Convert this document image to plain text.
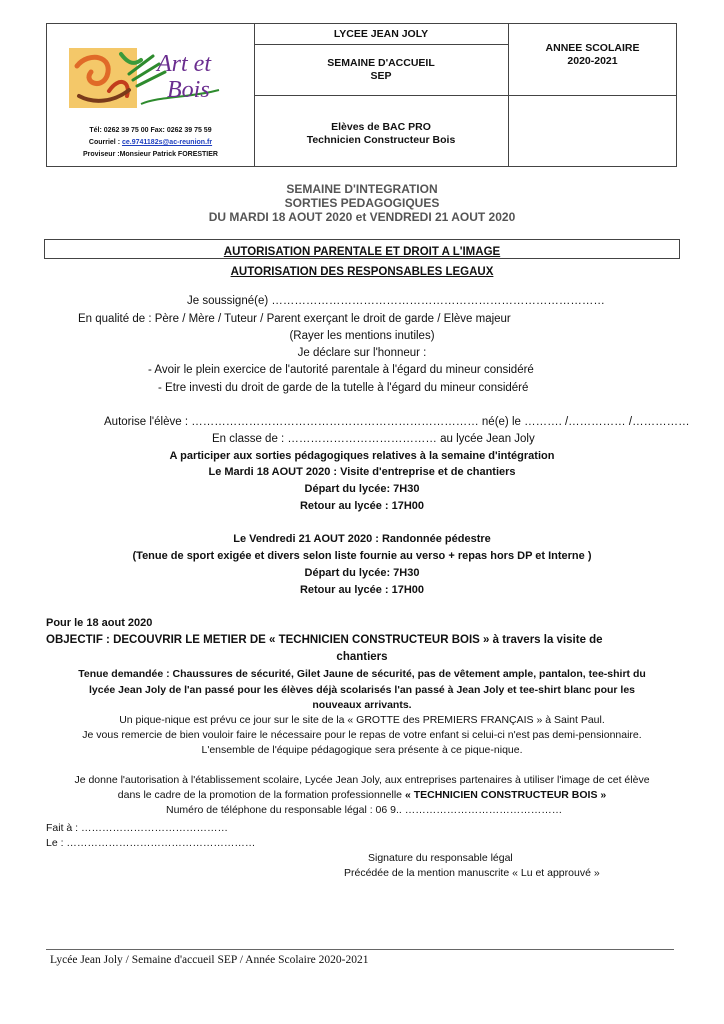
Art et
Bois
Tél: 0262 39 75 00 Fax: 0262 39 75 59
Courriel : ce.9741182s@ac-reunion.fr
Proviseur :Monsieur Patrick FORESTIER
LYCEE JEAN JOLY
SEMAINE D'ACCUEIL
SEP
Elèves de BAC PRO
Technicien Constructeur Bois
ANNEE SCOLAIRE
2020-2021
SEMAINE D'INTEGRATION
SORTIES PEDAGOGIQUES
DU MARDI 18 AOUT 2020 et VENDREDI 21 AOUT 2020
AUTORISATION PARENTALE ET DROIT A L'IMAGE
AUTORISATION DES RESPONSABLES LEGAUX
Je soussigné(e) ……………………………………………………………………………
En qualité de : Père / Mère / Tuteur / Parent exerçant le droit de garde / Elève majeur
(Rayer les mentions inutiles)
Je déclare sur l'honneur :
- Avoir le plein exercice de l'autorité parentale à l'égard du mineur considéré
- Etre investi du droit de garde de la tutelle à l'égard du mineur considéré
Autorise l'élève : ………………………………………………………………… né(e) le ………. /…………… /……………
En classe de : ………………………………… au lycée Jean Joly
A participer aux sorties pédagogiques relatives à la semaine d'intégration
Le Mardi 18 AOUT 2020 : Visite d'entreprise et de chantiers
Départ du lycée: 7H30
Retour au lycée : 17H00
Le Vendredi 21 AOUT 2020 : Randonnée pédestre
(Tenue de sport exigée et divers selon liste fournie au verso + repas hors DP et Interne )
Départ du lycée: 7H30
Retour au lycée : 17H00
Pour le 18 aout 2020
OBJECTIF : DECOUVRIR LE METIER DE « TECHNICIEN CONSTRUCTEUR BOIS » à travers la visite de
chantiers
Tenue demandée : Chaussures de sécurité, Gilet Jaune de sécurité, pas de vêtement ample, pantalon, tee-shirt du
lycée Jean Joly de l'an passé pour les élèves déjà scolarisés l'an passé à Jean Joly et tee-shirt blanc pour les
nouveaux arrivants.
Un pique-nique est prévu ce jour sur le site de la « GROTTE des PREMIERS FRANÇAIS » à Saint Paul.
Je vous remercie de bien vouloir faire le nécessaire pour le repas de votre enfant si celui-ci n'est pas demi-pensionnaire.
L'ensemble de l'équipe pédagogique sera présente à ce pique-nique.
Je donne l'autorisation à l'établissement scolaire, Lycée Jean Joly, aux entreprises partenaires à utiliser l'image de cet élève
dans le cadre de la promotion de la formation professionnelle « TECHNICIEN CONSTRUCTEUR BOIS »
Numéro de téléphone du responsable légal : 06 9.. ………………………………………
Fait à : ……………………………………
Le : ………………………………………………
Signature du responsable légal
Précédée de la mention manuscrite « Lu et approuvé »
Lycée Jean Joly / Semaine d'accueil SEP / Année Scolaire 2020-2021
